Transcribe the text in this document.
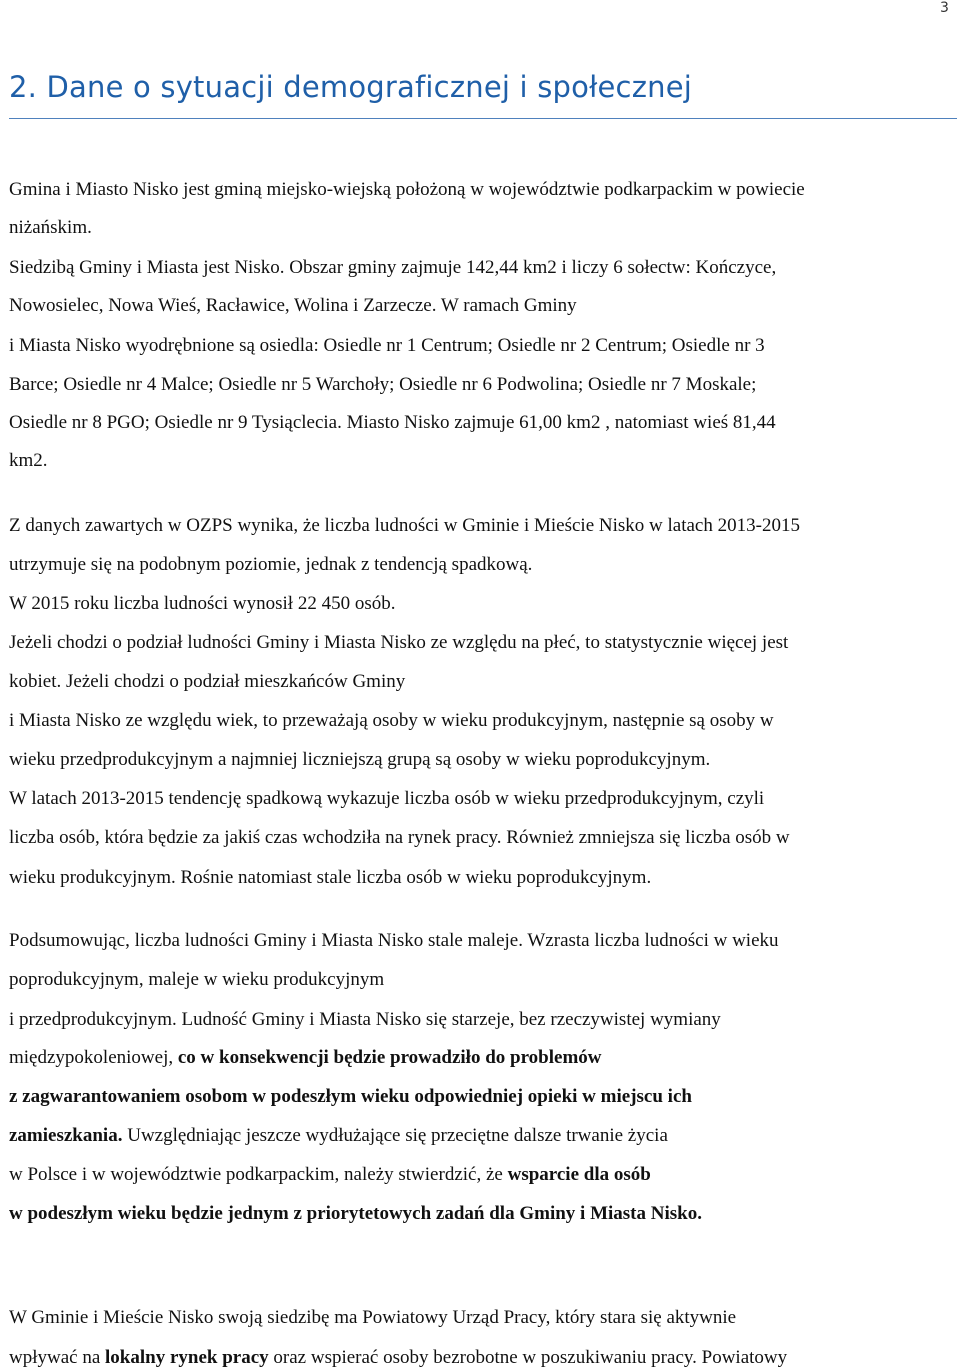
3
2. Dane o sytuacji demograficznej i społecznej
Gmina i Miasto Nisko jest gminą miejsko-wiejską położoną w województwie podkarpackim w powiecie
niżańskim.
Siedzibą Gminy i Miasta jest Nisko. Obszar gminy zajmuje 142,44 km2 i liczy 6 sołectw: Kończyce,
Nowosielec, Nowa Wieś, Racławice, Wolina i Zarzecze. W ramach Gminy
i Miasta Nisko wyodrębnione są osiedla: Osiedle nr 1 Centrum; Osiedle nr 2 Centrum; Osiedle nr 3
Barce; Osiedle nr 4 Malce; Osiedle nr 5 Warchoły; Osiedle nr 6 Podwolina; Osiedle nr 7 Moskale;
Osiedle nr 8 PGO; Osiedle nr 9 Tysiąclecia. Miasto Nisko zajmuje 61,00 km2 , natomiast wieś 81,44
km2.
Z danych zawartych w OZPS wynika, że liczba ludności w Gminie i Mieście Nisko w latach 2013-2015
utrzymuje się na podobnym poziomie, jednak z tendencją spadkową.
W 2015 roku liczba ludności wynosił 22 450 osób.
Jeżeli chodzi o podział ludności Gminy i Miasta Nisko ze względu na płeć, to statystycznie więcej jest
kobiet. Jeżeli chodzi o podział mieszkańców Gminy
i Miasta Nisko ze względu wiek, to przeważają osoby w wieku produkcyjnym, następnie są osoby w
wieku przedprodukcyjnym a najmniej liczniejszą grupą są osoby w wieku poprodukcyjnym.
W latach 2013-2015 tendencję spadkową wykazuje liczba osób w wieku przedprodukcyjnym, czyli
liczba osób, która będzie za jakiś czas wchodziła na rynek pracy. Również zmniejsza się liczba osób w
wieku produkcyjnym. Rośnie natomiast stale liczba osób w wieku poprodukcyjnym.
Podsumowując, liczba ludności Gminy i Miasta Nisko stale maleje. Wzrasta liczba ludności w wieku
poprodukcyjnym, maleje w wieku produkcyjnym
i przedprodukcyjnym. Ludność Gminy i Miasta Nisko się starzeje, bez rzeczywistej wymiany
międzypokoleniowej, co w konsekwencji będzie prowadziło do problemów
z zagwarantowaniem osobom w podeszłym wieku odpowiedniej opieki w miejscu ich
zamieszkania. Uwzględniając jeszcze wydłużające się przeciętne dalsze trwanie życia
w Polsce i w województwie podkarpackim, należy stwierdzić, że wsparcie dla osób
w podeszłym wieku będzie jednym z priorytetowych zadań dla Gminy i Miasta Nisko.
W Gminie i Mieście Nisko swoją siedzibę ma Powiatowy Urząd Pracy, który stara się aktywnie
wpływać na lokalny rynek pracy oraz wspierać osoby bezrobotne w poszukiwaniu pracy. Powiatowy
